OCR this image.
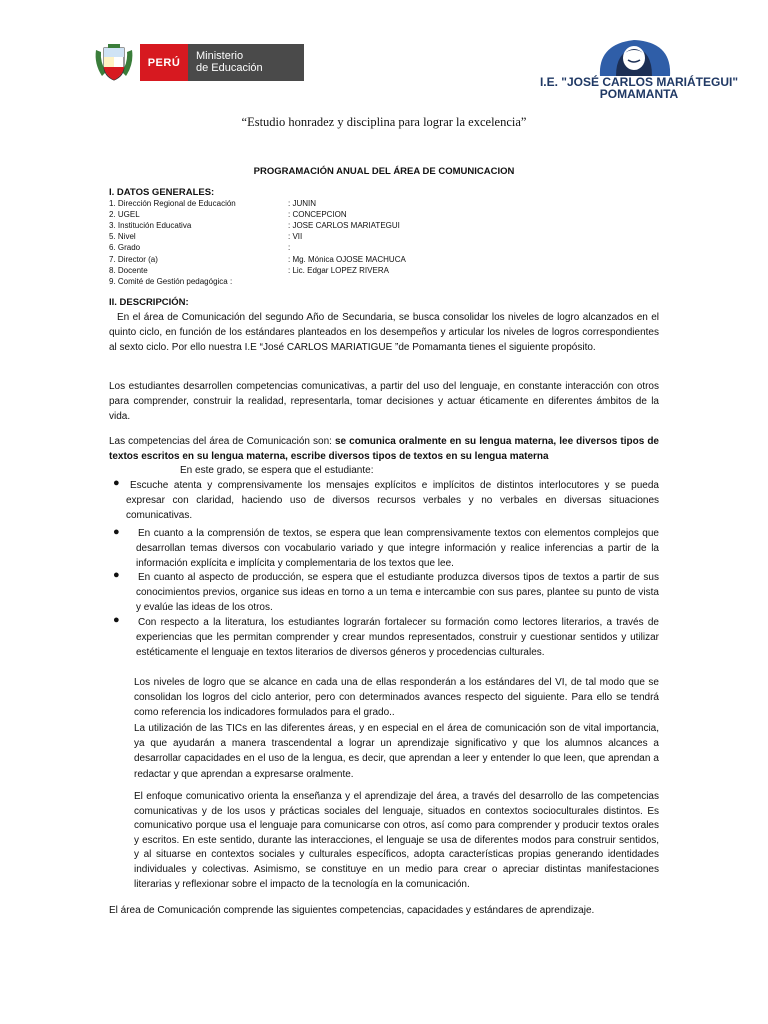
PERÚ
Ministerio
de Educación
I.E. "JOSÉ CARLOS MARIÁTEGUI"
POMAMANTA
“Estudio honradez y disciplina para lograr la excelencia”
PROGRAMACIÓN ANUAL DEL ÁREA DE COMUNICACION
I. DATOS GENERALES:
1. Dirección Regional de Educación	: JUNIN
2. UGEL	: CONCEPCION
3. Institución Educativa	: JOSE CARLOS MARIATEGUI
5. Nivel	: VII
6. Grado	:
7. Director (a)	: Mg. Mónica OJOSE MACHUCA
8. Docente	: Lic. Edgar LOPEZ RIVERA
9. Comité de Gestión pedagógica :
II. DESCRIPCIÓN:
En el área de Comunicación del segundo Año de Secundaria, se busca consolidar los niveles de logro alcanzados en el quinto ciclo, en función de los estándares planteados en los desempeños y articular los niveles de logros correspondientes al sexto ciclo. Por ello nuestra I.E “José CARLOS MARIATIGUE ”de Pomamanta tienes el siguiente propósito.
Los estudiantes desarrollen competencias comunicativas, a partir del uso del lenguaje, en constante interacción con otros para comprender, construir la realidad, representarla, tomar decisiones y actuar éticamente en diferentes ámbitos de la vida.
Las competencias del área de Comunicación son: se comunica oralmente en su lengua materna, lee diversos tipos de textos escritos en su lengua materna, escribe diversos tipos de textos en su lengua materna
En este grado, se espera que el estudiante:
●	Escuche atenta y comprensivamente los mensajes explícitos e implícitos de distintos interlocutores y se pueda expresar con claridad, haciendo uso de diversos recursos verbales y no verbales en diversas situaciones comunicativas.
● En cuanto a la comprensión de textos, se espera que lean comprensivamente textos con elementos complejos que desarrollan temas diversos con vocabulario variado y que integre información y realice inferencias a partir de la información explícita e implícita y complementaria de los textos que lee.
● En cuanto al aspecto de producción, se espera que el estudiante produzca diversos tipos de textos a partir de sus conocimientos previos, organice sus ideas en torno a un tema e intercambie con sus pares, plantee su punto de vista y evalúe las ideas de los otros.
● Con respecto a la literatura, los estudiantes lograrán fortalecer su formación como lectores literarios, a través de experiencias que les permitan comprender y crear mundos representados, construir y cuestionar sentidos y utilizar estéticamente el lenguaje en textos literarios de diversos géneros y procedencias culturales.
Los niveles de logro que se alcance en cada una de ellas responderán a los estándares del VI, de tal modo que se consolidan los logros del ciclo anterior, pero con determinados avances respecto del siguiente. Para ello se tendrá como referencia los indicadores formulados para el grado..
La utilización de las TICs en las diferentes áreas, y en especial en el área de comunicación son de vital importancia, ya que ayudarán a manera trascendental a lograr un aprendizaje significativo y que los alumnos alcances a desarrollar capacidades en el uso de la lengua, es decir, que aprendan a leer y entender lo que leen, que aprendan a redactar y que aprendan a expresarse oralmente.
El enfoque comunicativo orienta la enseñanza y el aprendizaje del área, a través del desarrollo de las competencias comunicativas y de los usos y prácticas sociales del lenguaje, situados en contextos socioculturales distintos. Es comunicativo porque usa el lenguaje para comunicarse con otros, así como para comprender y producir textos orales y escritos. En este sentido, durante las interacciones, el lenguaje se usa de diferentes modos para construir sentidos, y al situarse en contextos sociales y culturales específicos, adopta características propias generando identidades individuales y colectivas. Asimismo, se constituye en un medio para crear o apreciar distintas manifestaciones literarias y reflexionar sobre el impacto de la tecnología en la comunicación.
El área de Comunicación comprende las siguientes competencias, capacidades y estándares de aprendizaje.
